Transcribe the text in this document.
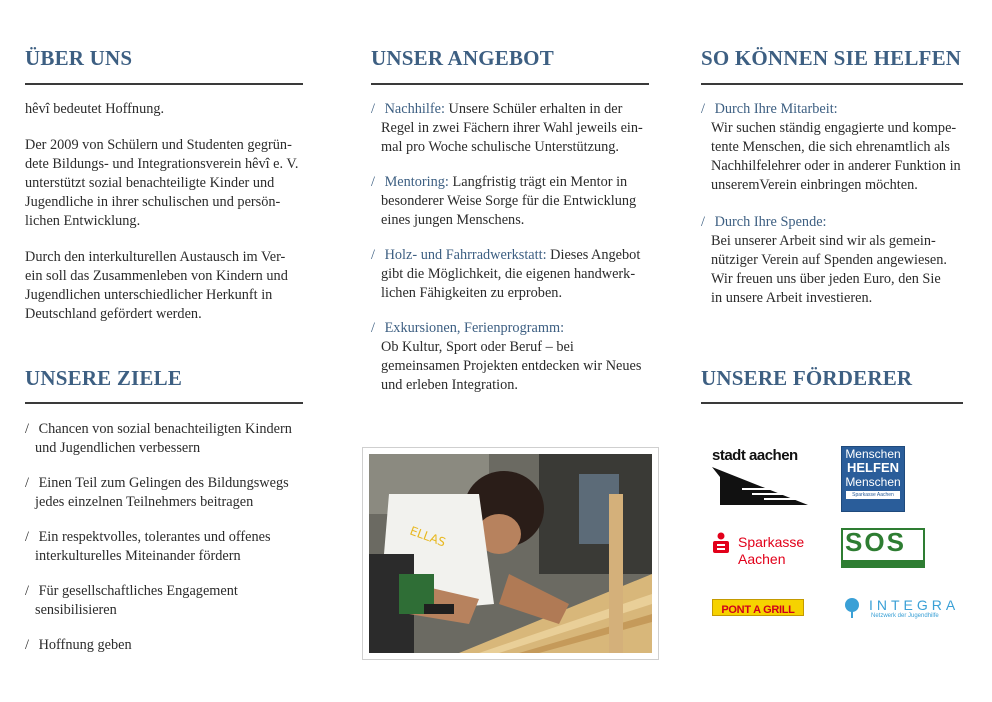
ÜBER UNS

hêvî bedeutet Hoffnung.

Der 2009 von Schülern und Studenten gegrün-
dete Bildungs- und Integrationsverein hêvî e. V.
unterstützt sozial benachteiligte Kinder und
Jugendliche in ihrer schulischen und persön-
lichen Entwicklung.

Durch den interkulturellen Austausch im Ver-
ein soll das Zusammenleben von Kindern und
Jugendlichen unterschiedlicher Herkunft in
Deutschland gefördert werden.

UNSERE ZIELE
/ Chancen von sozial benachteiligten Kindern
und Jugendlichen verbessern
/ Einen Teil zum Gelingen des Bildungswegs
jedes einzelnen Teilnehmers beitragen
/ Ein respektvolles, tolerantes und offenes
interkulturelles Miteinander fördern
/ Für gesellschaftliches Engagement
sensibilisieren
/ Hoffnung geben
UNSER ANGEBOT
/ Nachhilfe: Unsere Schüler erhalten in der
Regel in zwei Fächern ihrer Wahl jeweils ein-
mal pro Woche schulische Unterstützung.
/ Mentoring: Langfristig trägt ein Mentor in
besonderer Weise Sorge für die Entwicklung
eines jungen Menschens.
/ Holz- und Fahrradwerkstatt: Dieses Angebot
gibt die Möglichkeit, die eigenen handwerk-
lichen Fähigkeiten zu erproben.
/ Exkursionen, Ferienprogramm:
Ob Kultur, Sport oder Beruf – bei
gemeinsamen Projekten entdecken wir Neues
und erleben Integration.
ELLAS
SO KÖNNEN SIE HELFEN
/ Durch Ihre Mitarbeit:
Wir suchen ständig engagierte und kompe-
tente Menschen, die sich ehrenamtlich als
Nachhilfelehrer oder in anderer Funktion in
unseremVerein einbringen möchten.
/ Durch Ihre Spende:
Bei unserer Arbeit sind wir als gemein-
nütziger Verein auf Spenden angewiesen.
Wir freuen uns über jeden Euro, den Sie
in unsere Arbeit investieren.
UNSERE FÖRDERER
stadt aachen	Menschen
HELFEN
Menschen
Sparkasse Aachen
Sparkasse
Aachen
SOS
PONT A GRILL	INTEGRA
Netzwerk der Jugendhilfe
